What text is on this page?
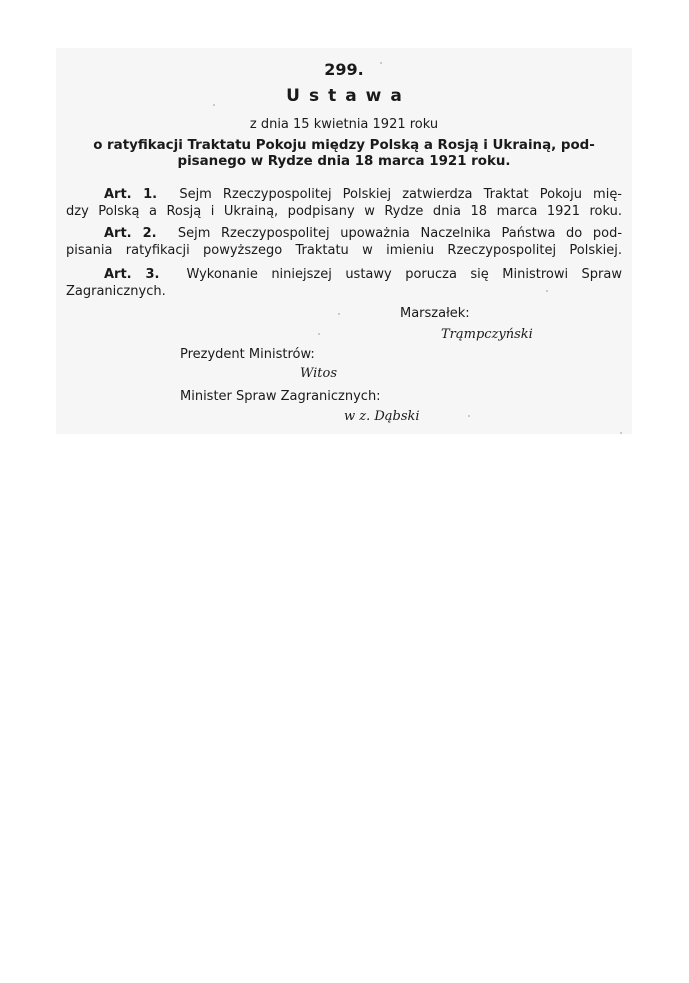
299.
Ustawa
z dnia 15 kwietnia 1921 roku
o ratyfikacji Traktatu Pokoju między Polską a Rosją i Ukrainą, pod-
pisanego w Rydze dnia 18 marca 1921 roku.
Art. 1. Sejm Rzeczypospolitej Polskiej zatwierdza Traktat Pokoju mię-
dzy Polską a Rosją i Ukrainą, podpisany w Rydze dnia 18 marca 1921 roku.
Art. 2. Sejm Rzeczypospolitej upoważnia Naczelnika Państwa do pod-
pisania ratyfikacji powyższego Traktatu w imieniu Rzeczypospolitej Polskiej.
Art. 3. Wykonanie niniejszej ustawy porucza się Ministrowi Spraw
Zagranicznych.
Marszałek:
Trąmpczyński
Prezydent Ministrów:
Witos
Minister Spraw Zagranicznych:
w z. Dąbski
